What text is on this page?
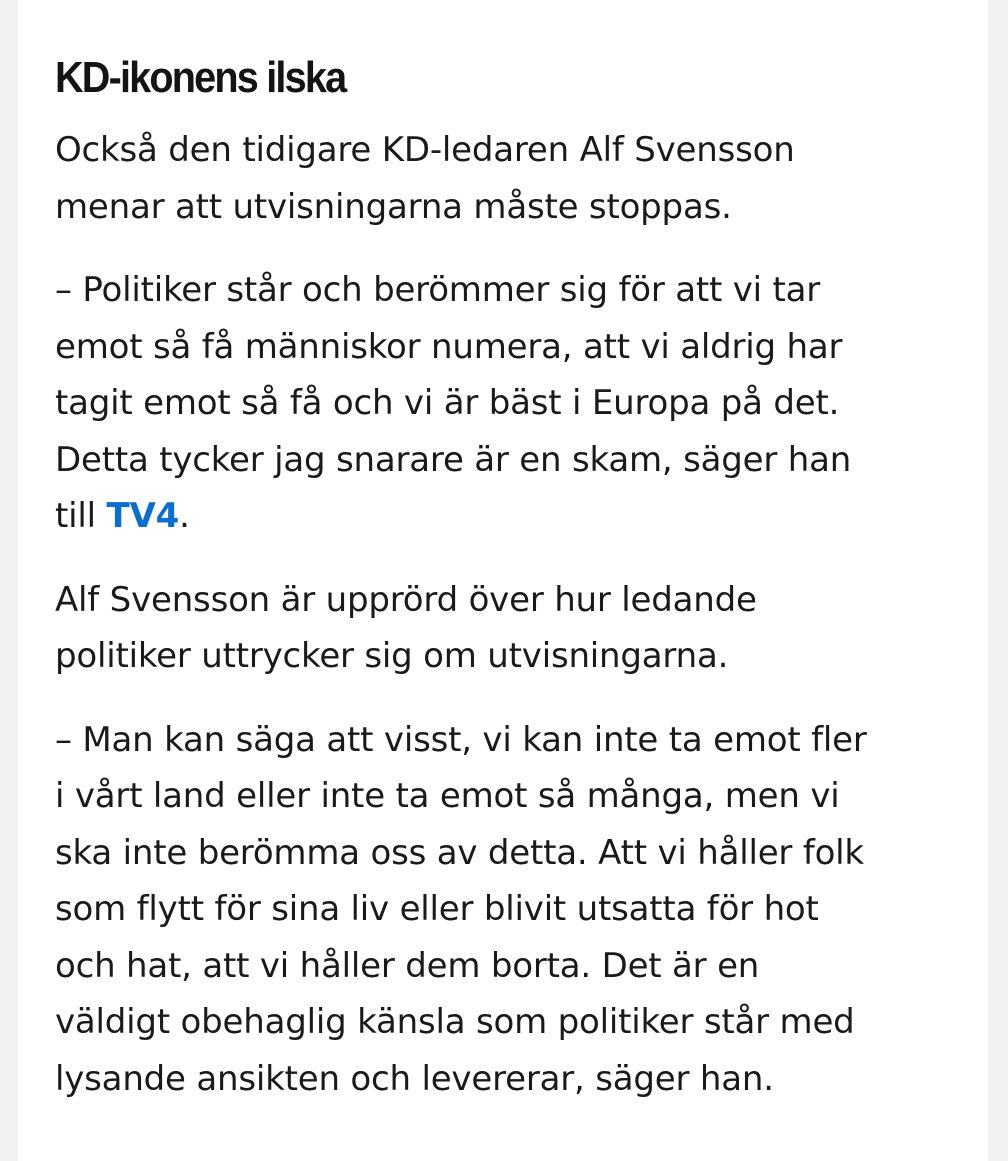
KD-ikonens ilska

Också den tidigare KD-ledaren Alf Svensson
menar att utvisningarna måste stoppas.

– Politiker står och berömmer sig för att vi tar
emot så få människor numera, att vi aldrig har
tagit emot så få och vi är bäst i Europa på det.
Detta tycker jag snarare är en skam, säger han
till TV4.

Alf Svensson är upprörd över hur ledande
politiker uttrycker sig om utvisningarna.

– Man kan säga att visst, vi kan inte ta emot fler
i vårt land eller inte ta emot så många, men vi
ska inte berömma oss av detta. Att vi håller folk
som flytt för sina liv eller blivit utsatta för hot
och hat, att vi håller dem borta. Det är en
väldigt obehaglig känsla som politiker står med
lysande ansikten och levererar, säger han.
